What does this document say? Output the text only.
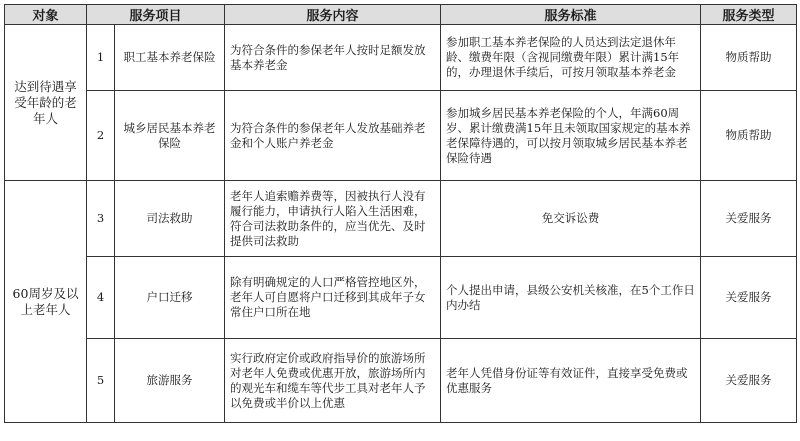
对象	服务项目		服务内容	服务标准	服务类型
达到待遇享受年龄的老年人	1	职工基本养老保险	为符合条件的参保老年人按时足额发放基本养老金	参加职工基本养老保险的人员达到法定退休年龄、缴费年限（含视同缴费年限）累计满15年的，办理退休手续后，可按月领取基本养老金	物质帮助
	2	城乡居民基本养老保险	为符合条件的参保老年人发放基础养老金和个人账户养老金	参加城乡居民基本养老保险的个人，年满60周岁、累计缴费满15年且未领取国家规定的基本养老保障待遇的，可以按月领取城乡居民基本养老保险待遇	物质帮助
60周岁及以上老年人	3	司法救助	老年人追索赡养费等，因被执行人没有履行能力，申请执行人陷入生活困难，符合司法救助条件的，应当优先、及时提供司法救助	免交诉讼费	关爱服务
	4	户口迁移	除有明确规定的人口严格管控地区外，老年人可自愿将户口迁移到其成年子女常住户口所在地	个人提出申请，县级公安机关核准，在5个工作日内办结	关爱服务
	5	旅游服务	实行政府定价或政府指导价的旅游场所对老年人免费或优惠开放，旅游场所内的观光车和缆车等代步工具对老年人予以免费或半价以上优惠	老年人凭借身份证等有效证件，直接享受免费或优惠服务	关爱服务
